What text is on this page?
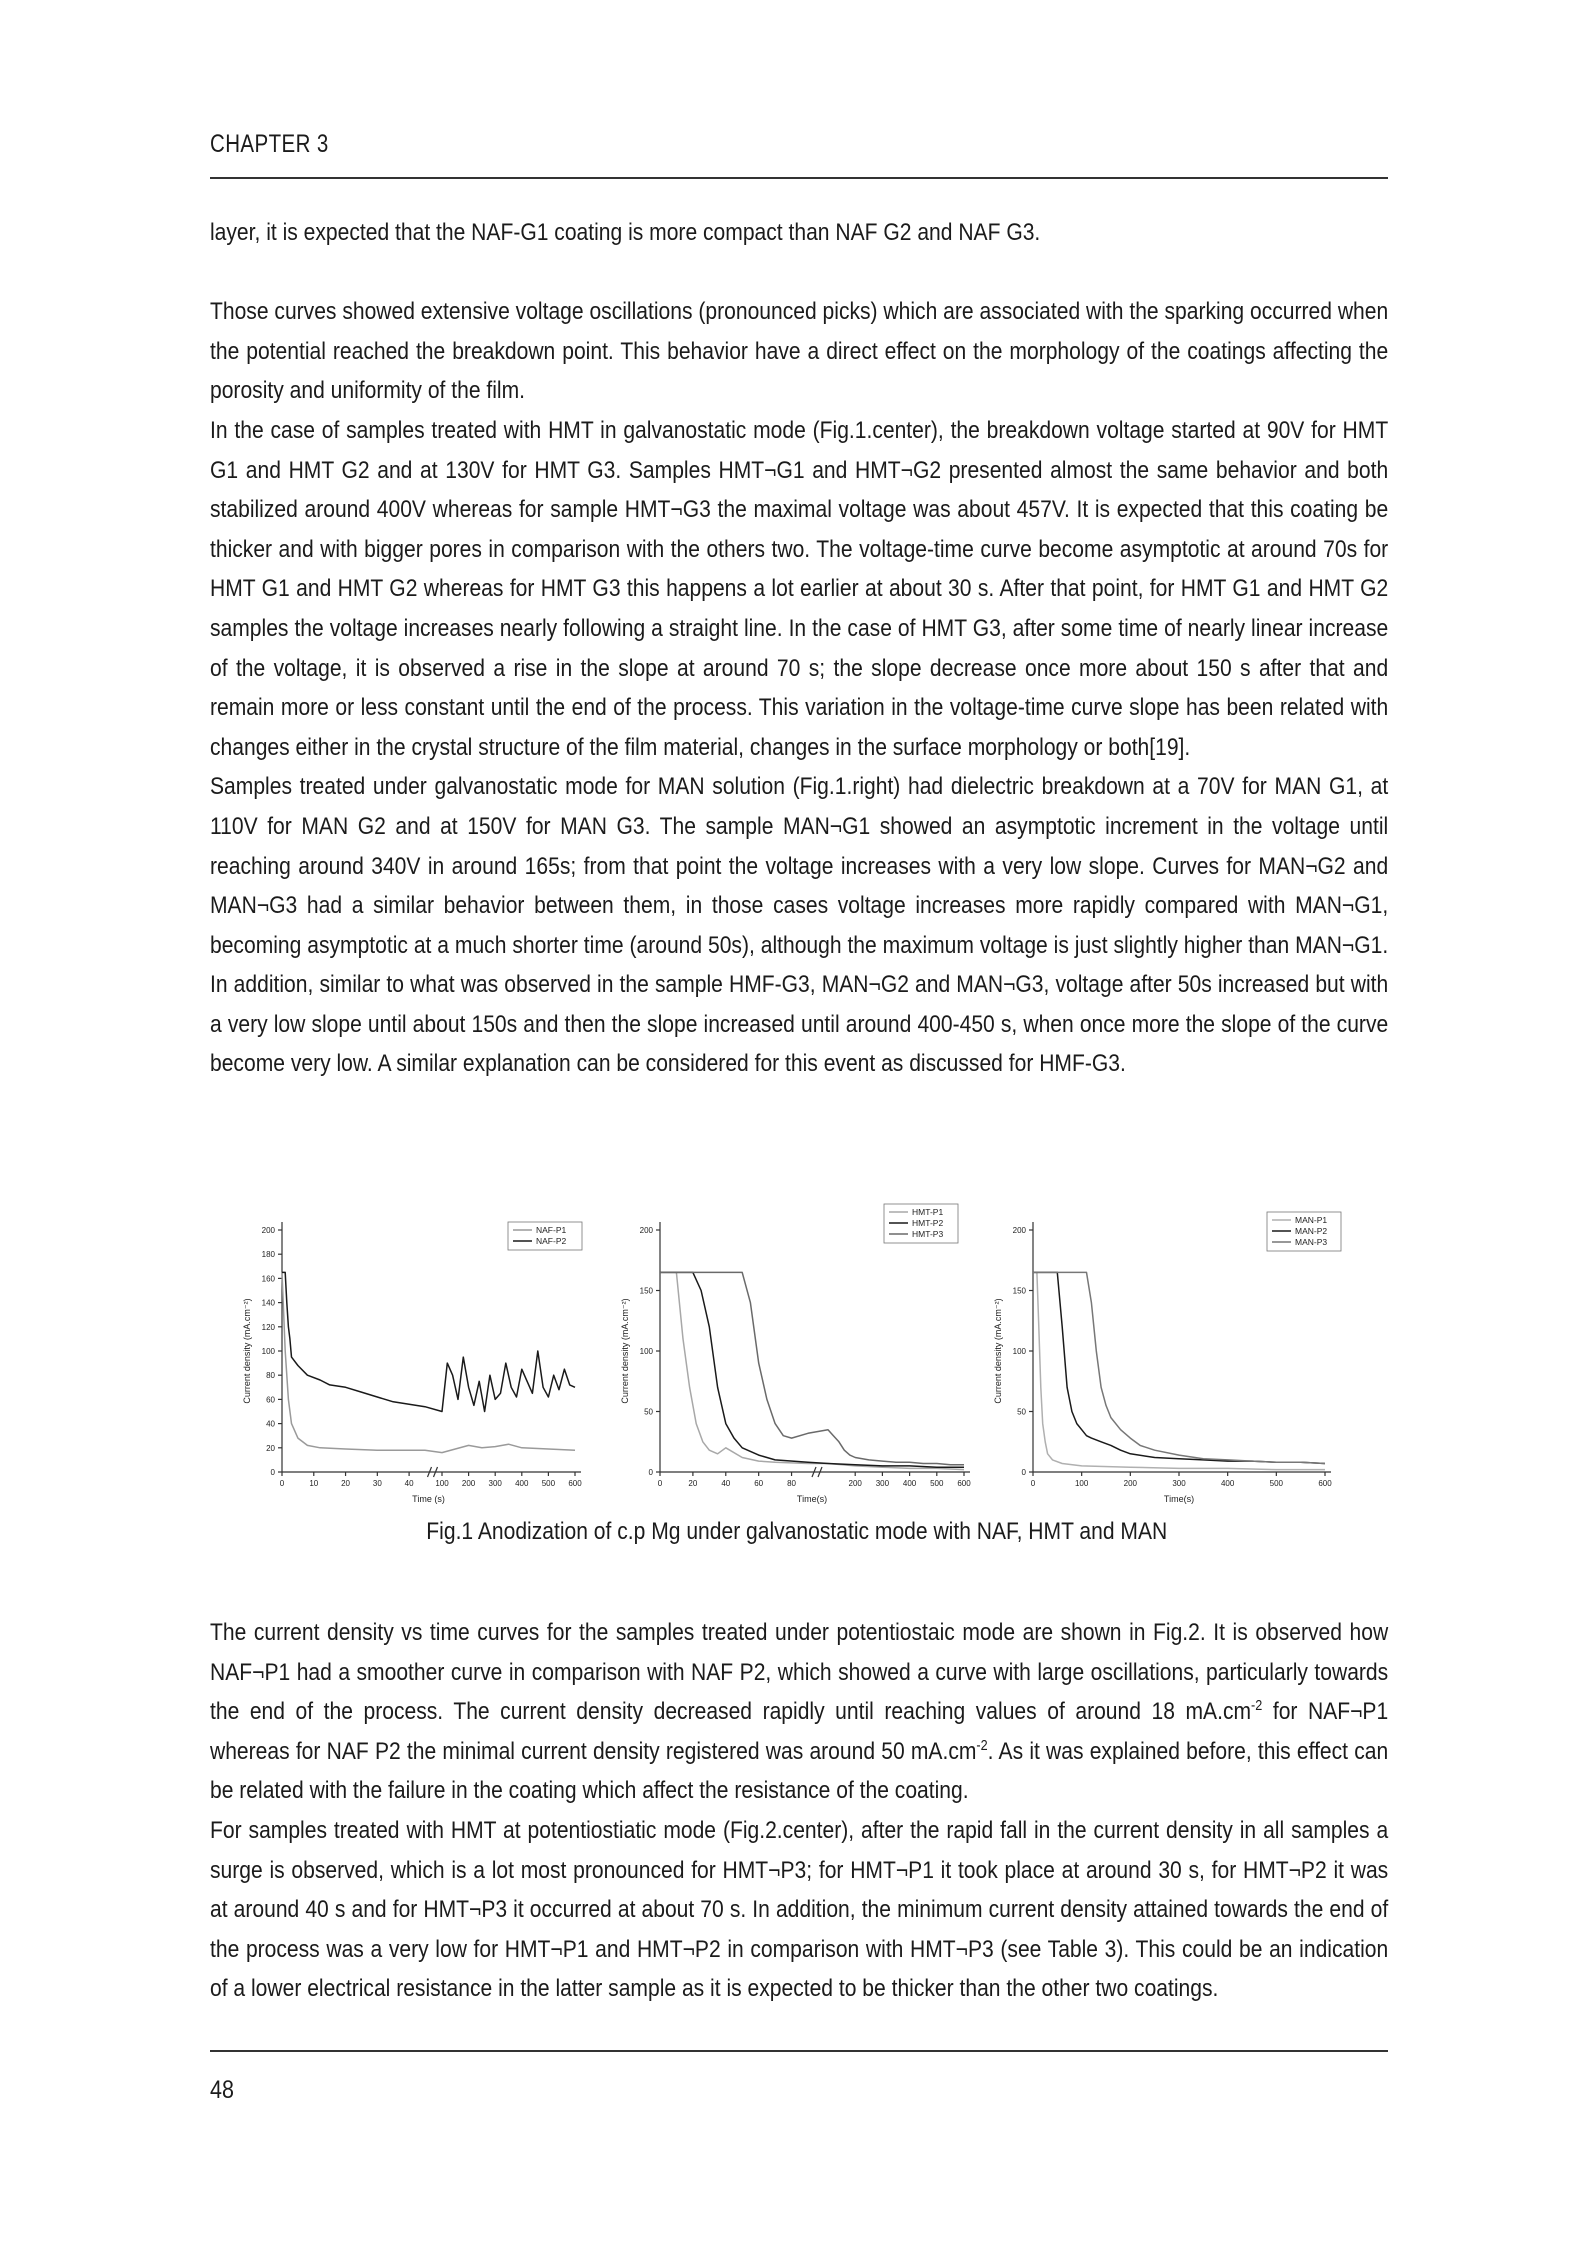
CHAPTER 3

layer, it is expected that the NAF-G1 coating is more compact than NAF G2 and NAF G3.

Those curves showed extensive voltage oscillations (pronounced picks) which are associated with the sparking occurred when the potential reached the breakdown point. This behavior have a direct effect on the morphology of the coatings affecting the porosity and uniformity of the film.

In the case of samples treated with HMT in galvanostatic mode (Fig.1.center), the breakdown voltage started at 90V for HMT G1 and HMT G2 and at 130V for HMT G3. Samples HMT¬G1 and HMT¬G2 presented almost the same behavior and both stabilized around 400V whereas for sample HMT¬G3 the maximal voltage was about 457V. It is expected that this coating be thicker and with bigger pores in comparison with the others two. The voltage-time curve become asymptotic at around 70s for HMT G1 and HMT G2 whereas for HMT G3 this happens a lot earlier at about 30 s. After that point, for HMT G1 and HMT G2 samples the voltage increases nearly following a straight line. In the case of HMT G3, after some time of nearly linear increase of the voltage, it is observed a rise in the slope at around 70 s; the slope decrease once more about 150 s after that and remain more or less constant until the end of the process. This variation in the voltage-time curve slope has been related with changes either in the crystal structure of the film material, changes in the surface morphology or both[19].

Samples treated under galvanostatic mode for MAN solution (Fig.1.right) had dielectric breakdown at a 70V for MAN G1, at 110V for MAN G2 and at 150V for MAN G3. The sample MAN¬G1 showed an asymptotic increment in the voltage until reaching around 340V in around 165s; from that point the voltage increases with a very low slope. Curves for MAN¬G2 and MAN¬G3 had a similar behavior between them, in those cases voltage increases more rapidly compared with MAN¬G1, becoming asymptotic at a much shorter time (around 50s), although the maximum voltage is just slightly higher than MAN¬G1. In addition, similar to what was observed in the sample HMF-G3, MAN¬G2 and MAN¬G3, voltage after 50s increased but with a very low slope until about 150s and then the slope increased until around 400-450 s, when once more the slope of the curve become very low. A similar explanation can be considered for this event as discussed for HMF-G3.

0
20
40
60
80
100
120
140
160
180
200
0	10	20	30	40	100 200 300 400 500 600
Time (s)
Current density (mA.cm⁻²)
NAF-P1
NAF-P2
0
50
100
150
200
0	20	40	60	80	200 300 400 500 600
Time(s)
Current density (mA.cm⁻²)
HMT-P1
HMT-P2
HMT-P3
0
50
100
150
200
0	100	200	300	400	500	600
Time(s)
Current density (mA.cm⁻²)
MAN-P1
MAN-P2
MAN-P3
Fig.1 Anodization of c.p Mg under galvanostatic mode with NAF, HMT and MAN

The current density vs time curves for the samples treated under potentiostaic mode are shown in Fig.2. It is observed how NAF¬P1 had a smoother curve in comparison with NAF P2, which showed a curve with large oscillations, particularly towards the end of the process. The current density decreased rapidly until reaching values of around 18 $mA.cm^{-2}$ for NAF¬P1 whereas for NAF P2 the minimal current density registered was around 50 $mA.cm^{-2}$. As it was explained before, this effect can be related with the failure in the coating which affect the resistance of the coating.

For samples treated with HMT at potentiostiatic mode (Fig.2.center), after the rapid fall in the current density in all samples a surge is observed, which is a lot most pronounced for HMT¬P3; for HMT¬P1 it took place at around 30 s, for HMT¬P2 it was at around 40 s and for HMT¬P3 it occurred at about 70 s. In addition, the minimum current density attained towards the end of the process was a very low for HMT¬P1 and HMT¬P2 in comparison with HMT¬P3 (see Table 3). This could be an indication of a lower electrical resistance in the latter sample as it is expected to be thicker than the other two coatings.

48
